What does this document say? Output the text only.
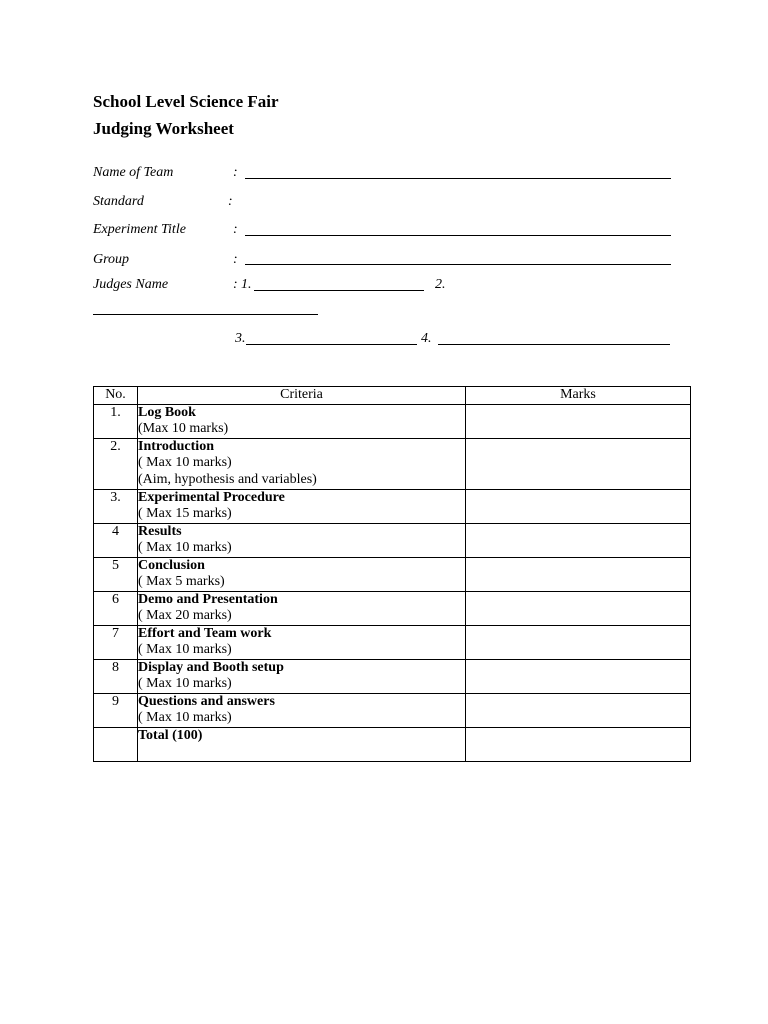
School Level Science Fair
Judging Worksheet
Name of Team	:
Standard	:
Experiment Title	:
Group	:
Judges Name	: 1.	2.
3.	4.
No.	Criteria	Marks
1.	Log Book
(Max 10 marks)	

2.	Introduction
( Max 10 marks)
(Aim, hypothesis and variables)	

3.	Experimental Procedure
( Max 15 marks)	

4	Results
( Max 10 marks)	

5	Conclusion
( Max 5 marks)	

6	Demo and Presentation
( Max 20 marks)	

7	Effort and Team work
( Max 10 marks)	

8	Display and Booth setup
( Max 10 marks)	

9	Questions and answers
( Max 10 marks)	

	Total (100)	
